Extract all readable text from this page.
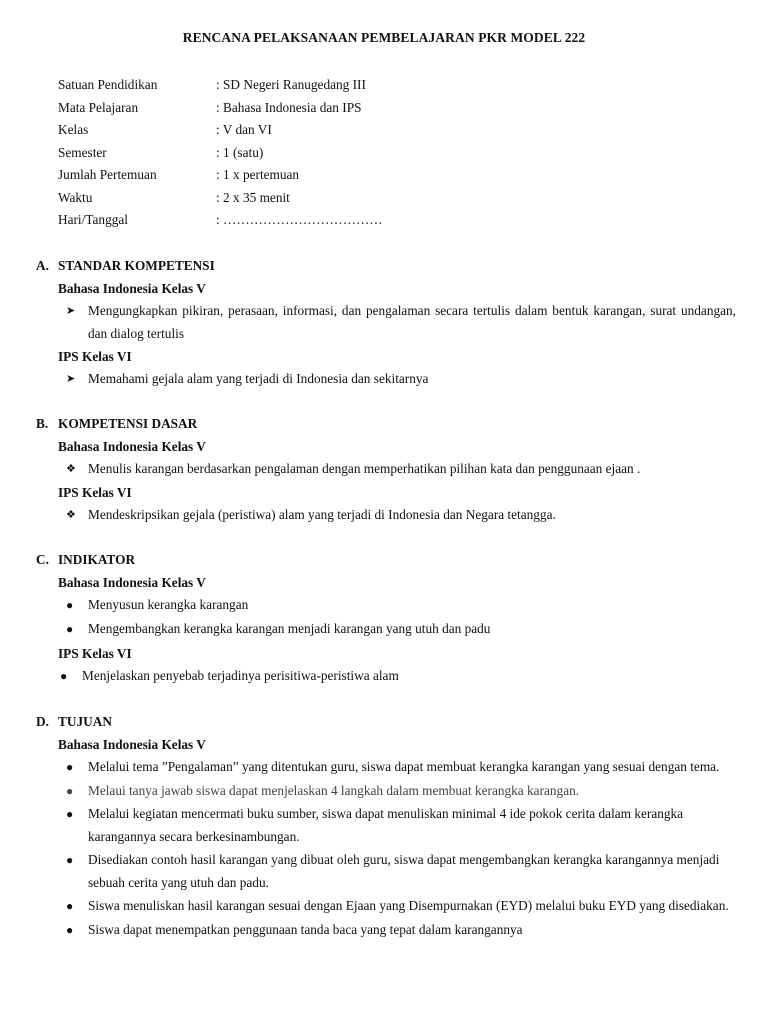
RENCANA PELAKSANAAN PEMBELAJARAN PKR MODEL 222
Satuan Pendidikan	: SD Negeri Ranugedang III
Mata Pelajaran	: Bahasa Indonesia dan IPS
Kelas	: V dan VI
Semester	: 1 (satu)
Jumlah Pertemuan	: 1 x pertemuan
Waktu	: 2 x 35 menit
Hari/Tanggal	: ………………………………
A. STANDAR KOMPETENSI
Bahasa Indonesia Kelas V
➤ Mengungkapkan pikiran, perasaan, informasi, dan pengalaman secara tertulis dalam bentuk karangan, surat undangan, dan dialog tertulis
IPS Kelas VI
➤ Memahami gejala alam yang terjadi di Indonesia dan sekitarnya
B. KOMPETENSI DASAR
Bahasa Indonesia Kelas V
❖ Menulis karangan berdasarkan pengalaman dengan memperhatikan pilihan kata dan penggunaan ejaan .
IPS Kelas VI
❖ Mendeskripsikan gejala (peristiwa) alam yang terjadi di Indonesia dan Negara tetangga.
C. INDIKATOR
Bahasa Indonesia Kelas V
●	Menyusun kerangka karangan
●	Mengembangkan kerangka karangan menjadi karangan yang utuh dan padu
IPS Kelas VI
●	Menjelaskan penyebab terjadinya perisitiwa-peristiwa alam
D. TUJUAN
Bahasa Indonesia Kelas V
●	Melalui tema ”Pengalaman” yang ditentukan guru, siswa dapat membuat kerangka karangan yang sesuai dengan tema.
●	Melaui tanya jawab siswa dapat menjelaskan 4 langkah dalam membuat kerangka karangan.
●	Melalui kegiatan mencermati buku sumber, siswa dapat menuliskan minimal 4 ide pokok cerita dalam kerangka karangannya secara berkesinambungan.
●	Disediakan contoh hasil karangan yang dibuat oleh guru, siswa dapat mengembangkan kerangka karangannya menjadi sebuah cerita yang utuh dan padu.
●	Siswa menuliskan hasil karangan sesuai dengan Ejaan yang Disempurnakan (EYD) melalui buku EYD yang disediakan.
●	Siswa dapat menempatkan penggunaan tanda baca yang tepat dalam karangannya
